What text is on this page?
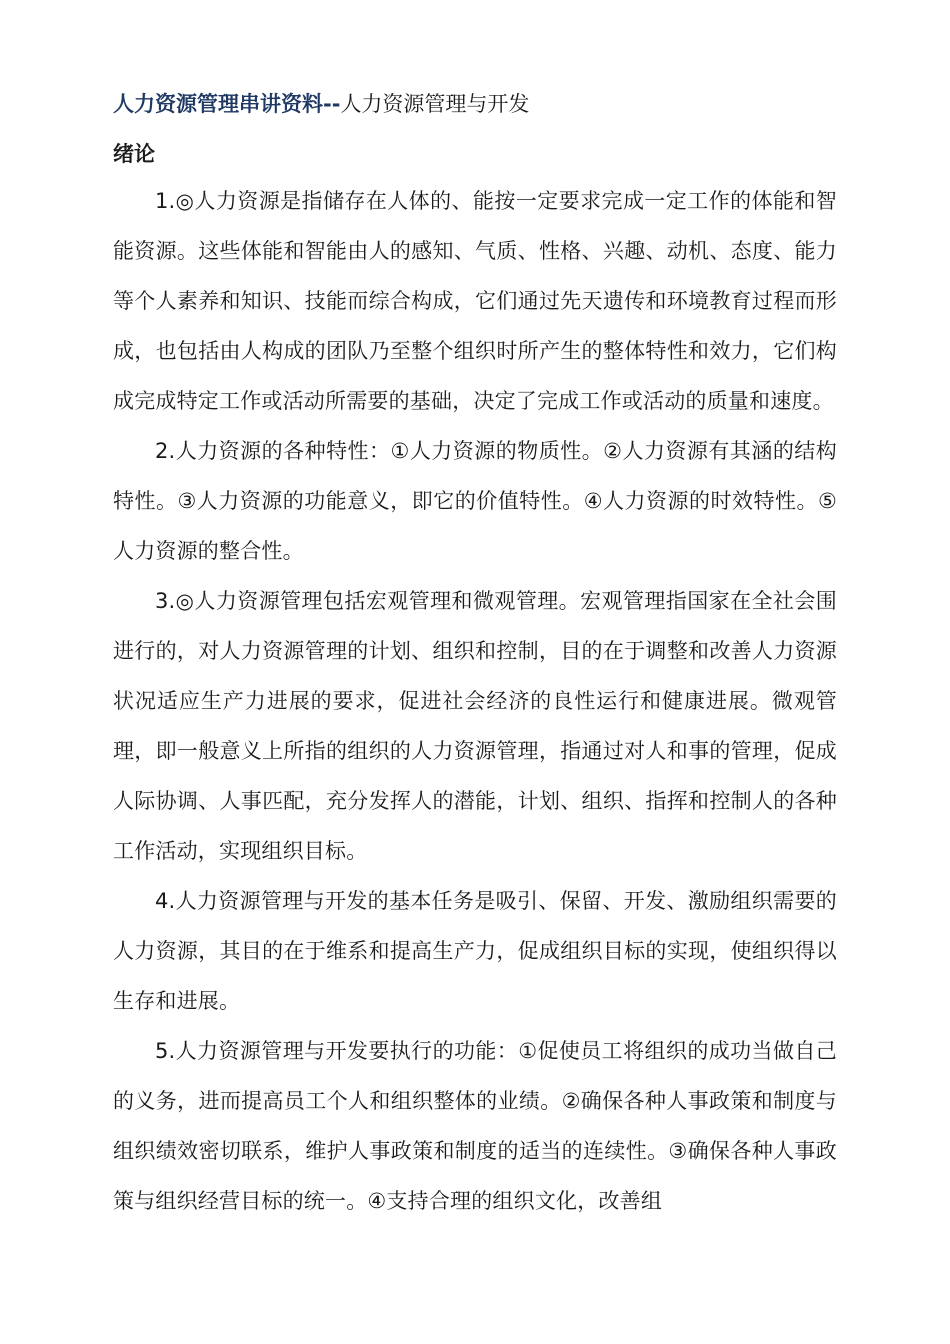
人力资源管理串讲资料--人力资源管理与开发
绪论

1.◎人力资源是指储存在人体的、能按一定要求完成一定工作的体能和智能资源。这些体能和智能由人的感知、气质、性格、兴趣、动机、态度、能力等个人素养和知识、技能而综合构成，它们通过先天遗传和环境教育过程而形成，也包括由人构成的团队乃至整个组织时所产生的整体特性和效力，它们构成完成特定工作或活动所需要的基础，决定了完成工作或活动的质量和速度。

2.人力资源的各种特性：①人力资源的物质性。②人力资源有其涵的结构特性。③人力资源的功能意义，即它的价值特性。④人力资源的时效特性。⑤人力资源的整合性。

3.◎人力资源管理包括宏观管理和微观管理。宏观管理指国家在全社会围进行的，对人力资源管理的计划、组织和控制，目的在于调整和改善人力资源状况适应生产力进展的要求，促进社会经济的良性运行和健康进展。微观管理，即一般意义上所指的组织的人力资源管理，指通过对人和事的管理，促成人际协调、人事匹配，充分发挥人的潜能，计划、组织、指挥和控制人的各种工作活动，实现组织目标。

4.人力资源管理与开发的基本任务是吸引、保留、开发、激励组织需要的人力资源，其目的在于维系和提高生产力，促成组织目标的实现，使组织得以生存和进展。

5.人力资源管理与开发要执行的功能：①促使员工将组织的成功当做自己的义务，进而提高员工个人和组织整体的业绩。②确保各种人事政策和制度与组织绩效密切联系，维护人事政策和制度的适当的连续性。③确保各种人事政策与组织经营目标的统一。④支持合理的组织文化，改善组
